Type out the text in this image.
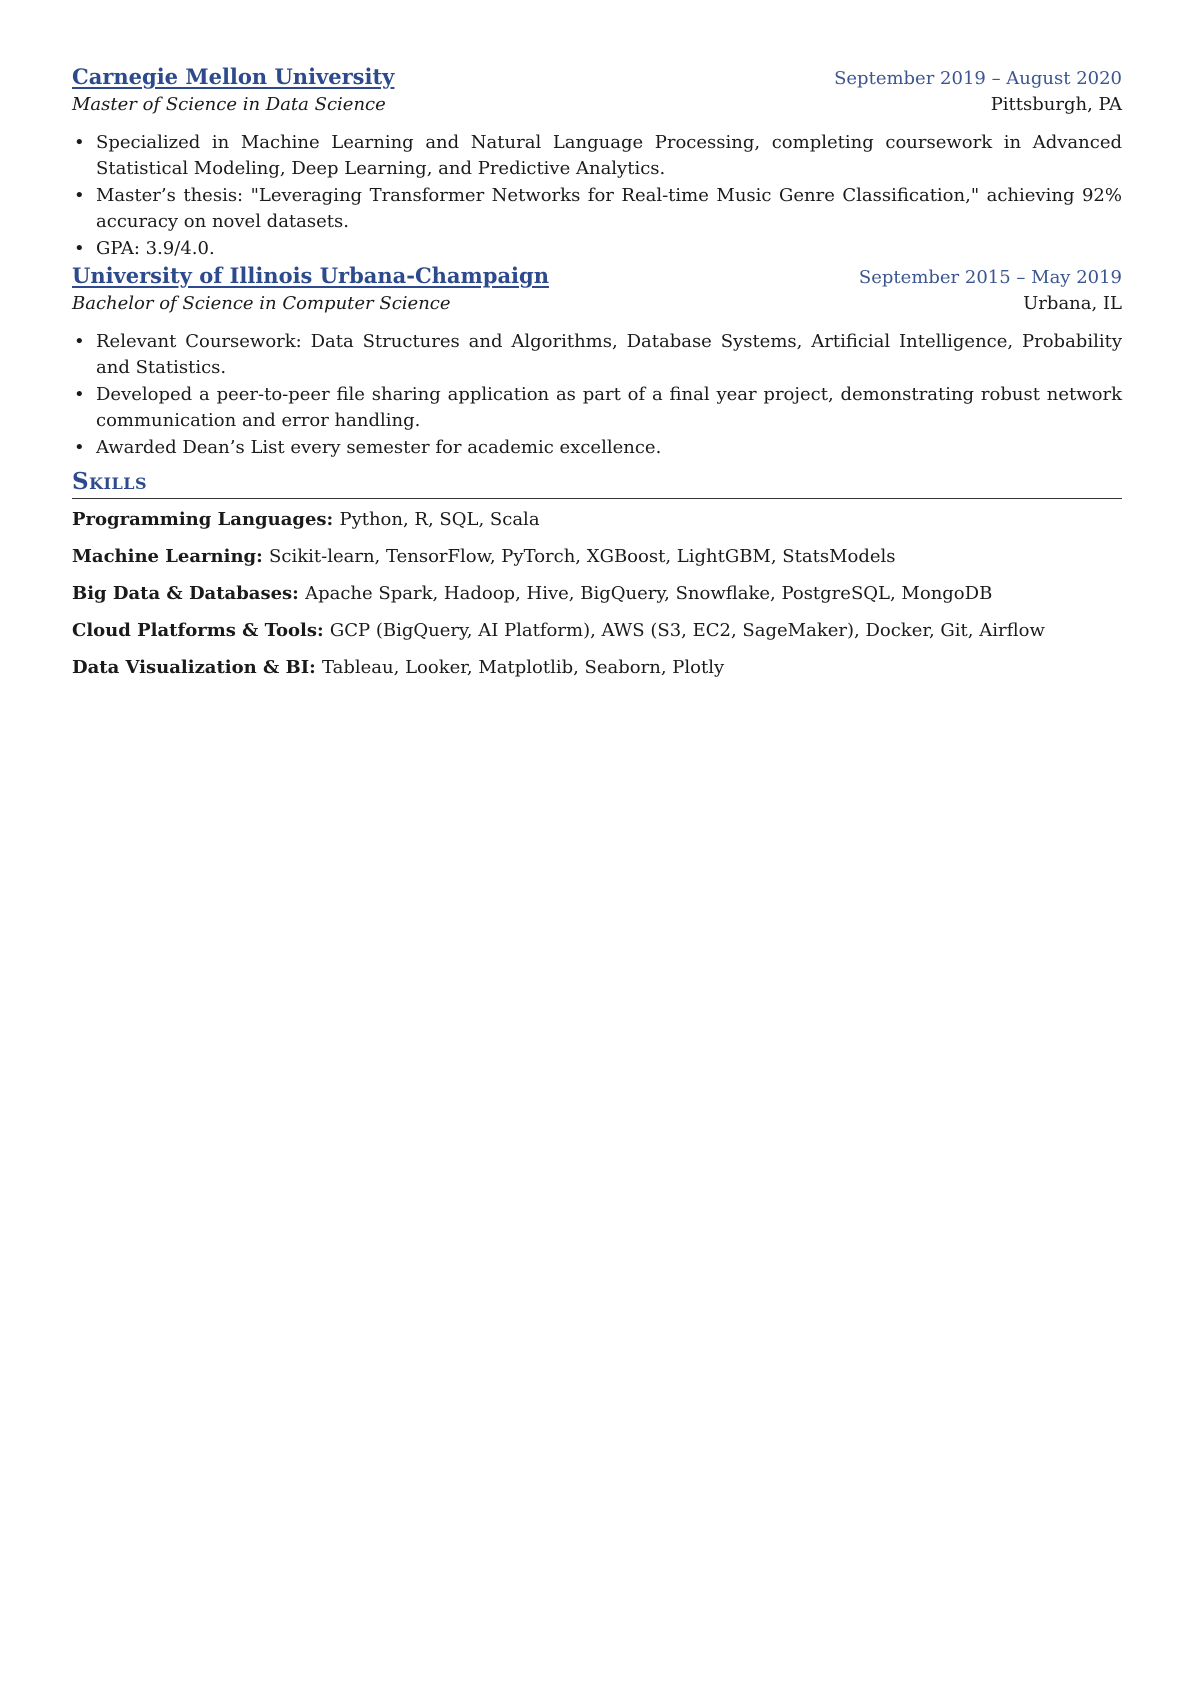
Carnegie Mellon University	September 2019 – August 2020
Master of Science in Data Science	Pittsburgh, PA
• Specialized in Machine Learning and Natural Language Processing, completing coursework in Advanced Statistical Modeling, Deep Learning, and Predictive Analytics.
• Master’s thesis: "Leveraging Transformer Networks for Real-time Music Genre Classification," achieving 92% accuracy on novel datasets.
• GPA: 3.9/4.0.
University of Illinois Urbana-Champaign	September 2015 – May 2019
Bachelor of Science in Computer Science	Urbana, IL
• Relevant Coursework: Data Structures and Algorithms, Database Systems, Artificial Intelligence, Probability and Statistics.
• Developed a peer-to-peer file sharing application as part of a final year project, demonstrating robust network communication and error handling.
• Awarded Dean’s List every semester for academic excellence.
Skills
Programming Languages: Python, R, SQL, Scala
Machine Learning: Scikit-learn, TensorFlow, PyTorch, XGBoost, LightGBM, StatsModels
Big Data & Databases: Apache Spark, Hadoop, Hive, BigQuery, Snowflake, PostgreSQL, MongoDB
Cloud Platforms & Tools: GCP (BigQuery, AI Platform), AWS (S3, EC2, SageMaker), Docker, Git, Airflow
Data Visualization & BI: Tableau, Looker, Matplotlib, Seaborn, Plotly
